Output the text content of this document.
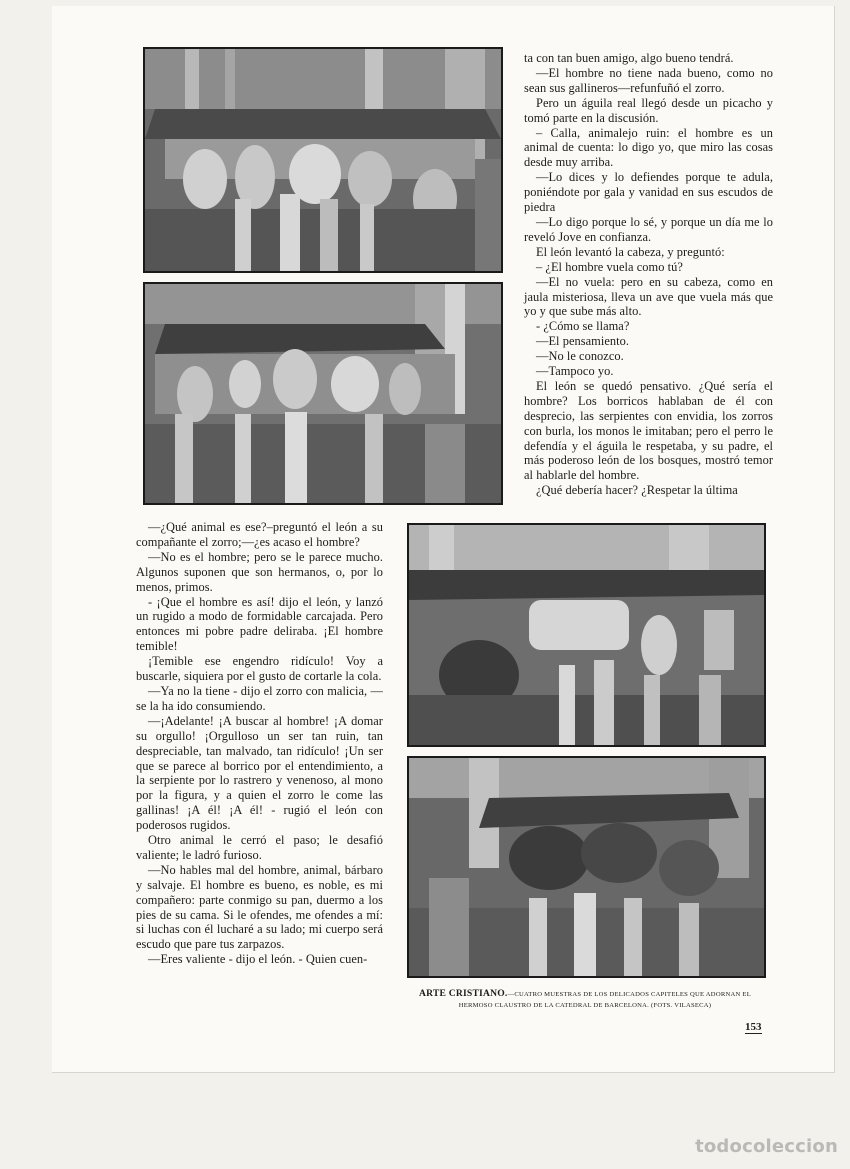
ta con tan buen amigo, algo bueno tendrá.

—El hombre no tiene nada bueno, como no sean sus gallineros—refunfuñó el zorro.

Pero un águila real llegó desde un picacho y tomó parte en la discusión.

– Calla, animalejo ruin: el hombre es un animal de cuenta: lo digo yo, que miro las cosas desde muy arriba.

—Lo dices y lo defiendes porque te adula, poniéndote por gala y vanidad en sus escudos de piedra

—Lo digo porque lo sé, y porque un día me lo reveló Jove en confianza.

El león levantó la cabeza, y preguntó:

– ¿El hombre vuela como tú?

—El no vuela: pero en su cabeza, como en jaula misteriosa, lleva un ave que vuela más que yo y que sube más alto.

- ¿Cómo se llama?

—El pensamiento.

—No le conozco.

—Tampoco yo.

El león se quedó pensativo. ¿Qué sería el hombre? Los borricos hablaban de él con desprecio, las serpientes con envidia, los zorros con burla, los monos le imitaban; pero el perro le defendía y el águila le respetaba, y su padre, el más poderoso león de los bosques, mostró temor al hablarle del hombre.

¿Qué debería hacer? ¿Respetar la última

—¿Qué animal es ese?–preguntó el león a su compañante el zorro;—¿es acaso el hombre?

—No es el hombre; pero se le parece mucho. Algunos suponen que son hermanos, o, por lo menos, primos.

- ¡Que el hombre es así! dijo el león, y lanzó un rugido a modo de formidable carcajada. Pero entonces mi pobre padre deliraba. ¡El hombre temible!

¡Temible ese engendro ridículo! Voy a buscarle, siquiera por el gusto de cortarle la cola.

—Ya no la tiene - dijo el zorro con malicia, —se la ha ido consumiendo.

—¡Adelante! ¡A buscar al hombre! ¡A domar su orgullo! ¡Orgulloso un ser tan ruin, tan despreciable, tan malvado, tan ridículo! ¡Un ser que se parece al borrico por el entendimiento, a la serpiente por lo rastrero y venenoso, al mono por la figura, y a quien el zorro le come las gallinas! ¡A él! ¡A él! - rugió el león con poderosos rugidos.

Otro animal le cerró el paso; le desafió valiente; le ladró furioso.

—No hables mal del hombre, animal, bárbaro y salvaje. El hombre es bueno, es noble, es mi compañero: parte conmigo su pan, duermo a los pies de su cama. Si le ofendes, me ofendes a mí: si luchas con él lucharé a su lado; mi cuerpo será escudo que pare tus zarpazos.

—Eres valiente - dijo el león. - Quien cuen-

ARTE CRISTIANO.—CUATRO MUESTRAS DE LOS DELICADOS CAPITELES QUE ADORNAN EL HERMOSO CLAUSTRO DE LA CATEDRAL DE BARCELONA. (FOTS. VILASECA)
153
todocoleccion
